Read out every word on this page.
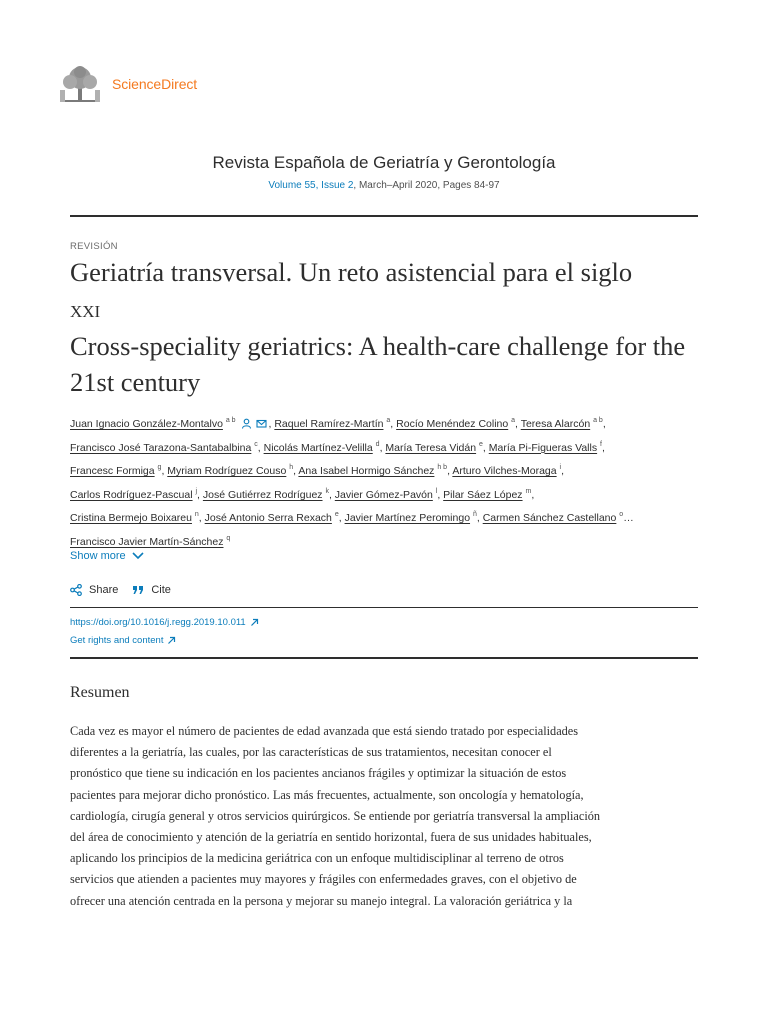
ScienceDirect
Revista Española de Geriatría y Gerontología
Volume 55, Issue 2, March–April 2020, Pages 84-97
REVISIÓN
Geriatría transversal. Un reto asistencial para el siglo
XXI
Cross-speciality geriatrics: A health-care challenge for the 21st century
Juan Ignacio González-Montalvo $^{a b}$	, Raquel Ramírez-Martín $^a$, Rocío Menéndez Colino $^a$, Teresa Alarcón $^{a b}$,
Francisco José Tarazona-Santabalbina $^c$, Nicolás Martínez-Velilla $^d$, María Teresa Vidán $^e$, María Pi-Figueras Valls $^f$,
Francesc Formiga $^g$, Myriam Rodríguez Couso $^h$, Ana Isabel Hormigo Sánchez $^{h b}$, Arturo Vilches-Moraga $^i$,
Carlos Rodríguez-Pascual $^j$, José Gutiérrez Rodríguez $^k$, Javier Gómez-Pavón $^l$, Pilar Sáez López $^m$,
Cristina Bermejo Boixareu $^n$, José Antonio Serra Rexach $^e$, Javier Martínez Peromingo $^ñ$, Carmen Sánchez Castellano $^o$…
Francisco Javier Martín-Sánchez $^q$
Show more
Share	Cite
https://doi.org/10.1016/j.regg.2019.10.011
Get rights and content
Resumen
Cada vez es mayor el número de pacientes de edad avanzada que está siendo tratado por especialidades
diferentes a la geriatría, las cuales, por las características de sus tratamientos, necesitan conocer el
pronóstico que tiene su indicación en los pacientes ancianos frágiles y optimizar la situación de estos
pacientes para mejorar dicho pronóstico. Las más frecuentes, actualmente, son oncología y hematología,
cardiología, cirugía general y otros servicios quirúrgicos. Se entiende por geriatría transversal la ampliación
del área de conocimiento y atención de la geriatría en sentido horizontal, fuera de sus unidades habituales,
aplicando los principios de la medicina geriátrica con un enfoque multidisciplinar al terreno de otros
servicios que atienden a pacientes muy mayores y frágiles con enfermedades graves, con el objetivo de
ofrecer una atención centrada en la persona y mejorar su manejo integral. La valoración geriátrica y la
